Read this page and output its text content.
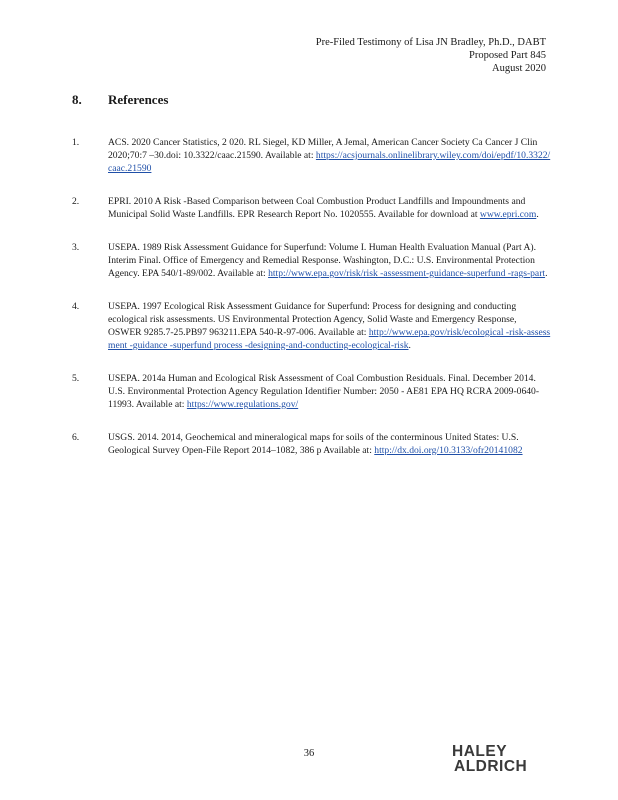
Pre-Filed Testimony of Lisa JN Bradley, Ph.D., DABT
Proposed Part 845
August 2020
8. References
1.	ACS. 2020 Cancer Statistics, 2 020. RL Siegel, KD Miller, A Jemal, American Cancer Society Ca Cancer J Clin 2020;70:7 –30.doi: 10.3322/caac.21590. Available at: https://acsjournals.onlinelibrary.wiley.com/doi/epdf/10.3322/caac.21590
2.	EPRI. 2010 A Risk -Based Comparison between Coal Combustion Product Landfills and Impoundments and Municipal Solid Waste Landfills. EPR Research Report No. 1020555. Available for download at www.epri.com.
3.	USEPA. 1989 Risk Assessment Guidance for Superfund: Volume I. Human Health Evaluation Manual (Part A). Interim Final. Office of Emergency and Remedial Response. Washington, D.C.: U.S. Environmental Protection Agency. EPA 540/1-89/002. Available at: http://www.epa.gov/risk/risk -assessment-guidance-superfund -rags-part.
4.	USEPA. 1997 Ecological Risk Assessment Guidance for Superfund: Process for designing and conducting ecological risk assessments. US Environmental Protection Agency, Solid Waste and Emergency Response, OSWER 9285.7-25.PB97 963211.EPA 540-R-97-006. Available at: http://www.epa.gov/risk/ecological -risk-assessment -guidance -superfund process -designing-and-conducting-ecological-risk.
5.	USEPA. 2014a Human and Ecological Risk Assessment of Coal Combustion Residuals. Final. December 2014. U.S. Environmental Protection Agency Regulation Identifier Number: 2050 - AE81 EPA HQ RCRA 2009-0640-11993. Available at: https://www.regulations.gov/
6.	USGS. 2014. 2014, Geochemical and mineralogical maps for soils of the conterminous United States: U.S. Geological Survey Open-File Report 2014–1082, 386 p Available at: http://dx.doi.org/10.3133/ofr20141082
36	HALEY
ALDRICH
